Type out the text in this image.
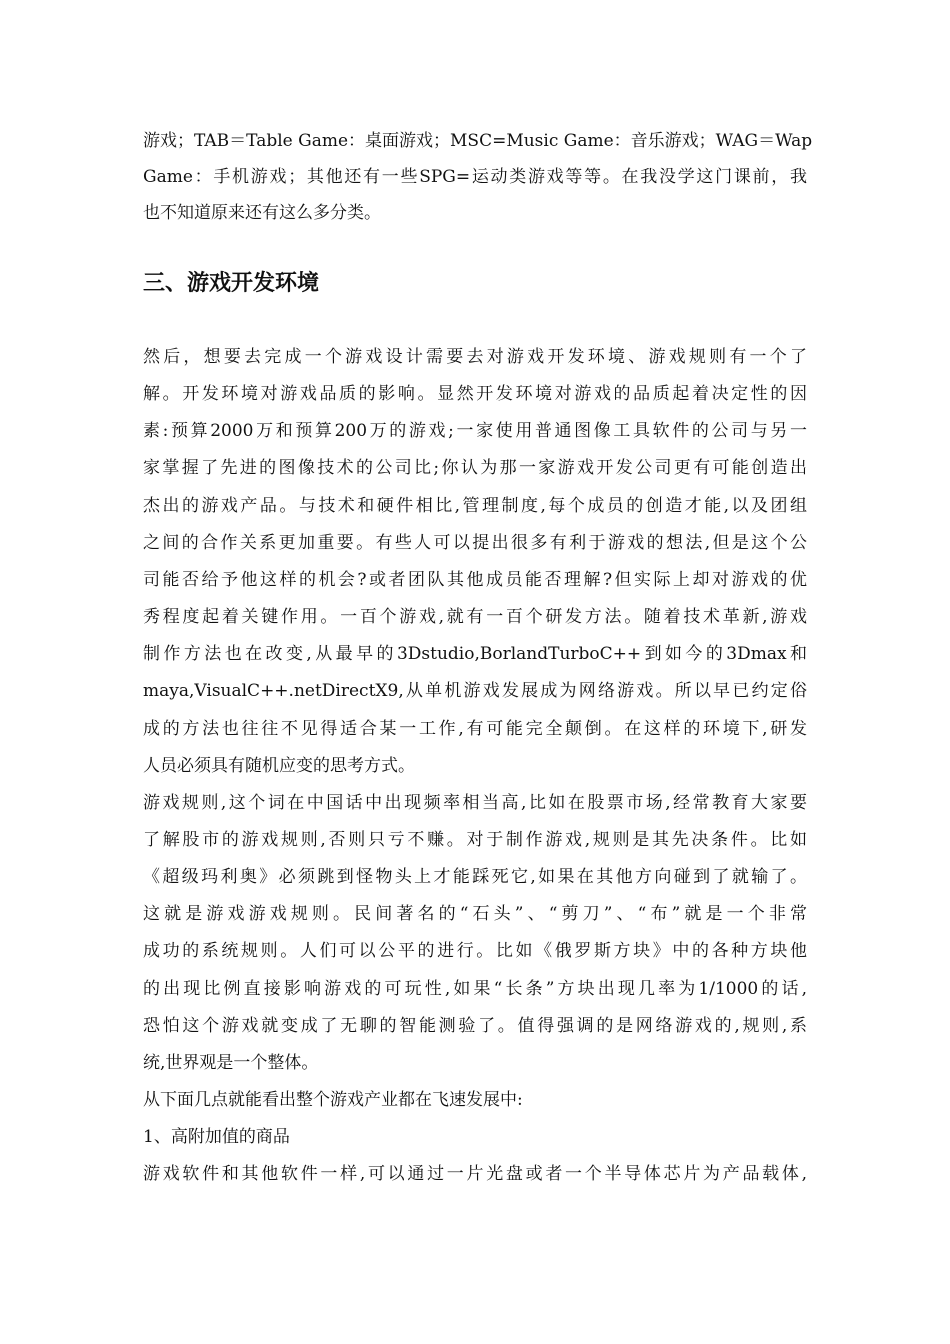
游戏；TAB＝Table Game：桌面游戏；MSC=Music Game：音乐游戏；WAG＝Wap
Game：手机游戏；其他还有一些SPG=运动类游戏等等。在我没学这门课前，我
也不知道原来还有这么多分类。
三、游戏开发环境
然后，想要去完成一个游戏设计需要去对游戏开发环境、游戏规则有一个了
解。开发环境对游戏品质的影响。显然开发环境对游戏的品质起着决定性的因
素:预算2000万和预算200万的游戏;一家使用普通图像工具软件的公司与另一
家掌握了先进的图像技术的公司比;你认为那一家游戏开发公司更有可能创造出
杰出的游戏产品。与技术和硬件相比,管理制度,每个成员的创造才能,以及团组
之间的合作关系更加重要。有些人可以提出很多有利于游戏的想法,但是这个公
司能否给予他这样的机会?或者团队其他成员能否理解?但实际上却对游戏的优
秀程度起着关键作用。一百个游戏,就有一百个研发方法。随着技术革新,游戏
制作方法也在改变,从最早的3Dstudio,BorlandTurboC++到如今的3Dmax和
maya,VisualC++.netDirectX9,从单机游戏发展成为网络游戏。所以早已约定俗
成的方法也往往不见得适合某一工作,有可能完全颠倒。在这样的环境下,研发
人员必须具有随机应变的思考方式。
游戏规则,这个词在中国话中出现频率相当高,比如在股票市场,经常教育大家要
了解股市的游戏规则,否则只亏不赚。对于制作游戏,规则是其先决条件。比如
《超级玛利奥》必须跳到怪物头上才能踩死它,如果在其他方向碰到了就输了。
这就是游戏游戏规则。民间著名的“石头”、“剪刀”、“布”就是一个非常
成功的系统规则。人们可以公平的进行。比如《俄罗斯方块》中的各种方块他
的出现比例直接影响游戏的可玩性,如果“长条”方块出现几率为1/1000的话,
恐怕这个游戏就变成了无聊的智能测验了。值得强调的是网络游戏的,规则,系
统,世界观是一个整体。
从下面几点就能看出整个游戏产业都在飞速发展中:
1、高附加值的商品
游戏软件和其他软件一样,可以通过一片光盘或者一个半导体芯片为产品载体,
